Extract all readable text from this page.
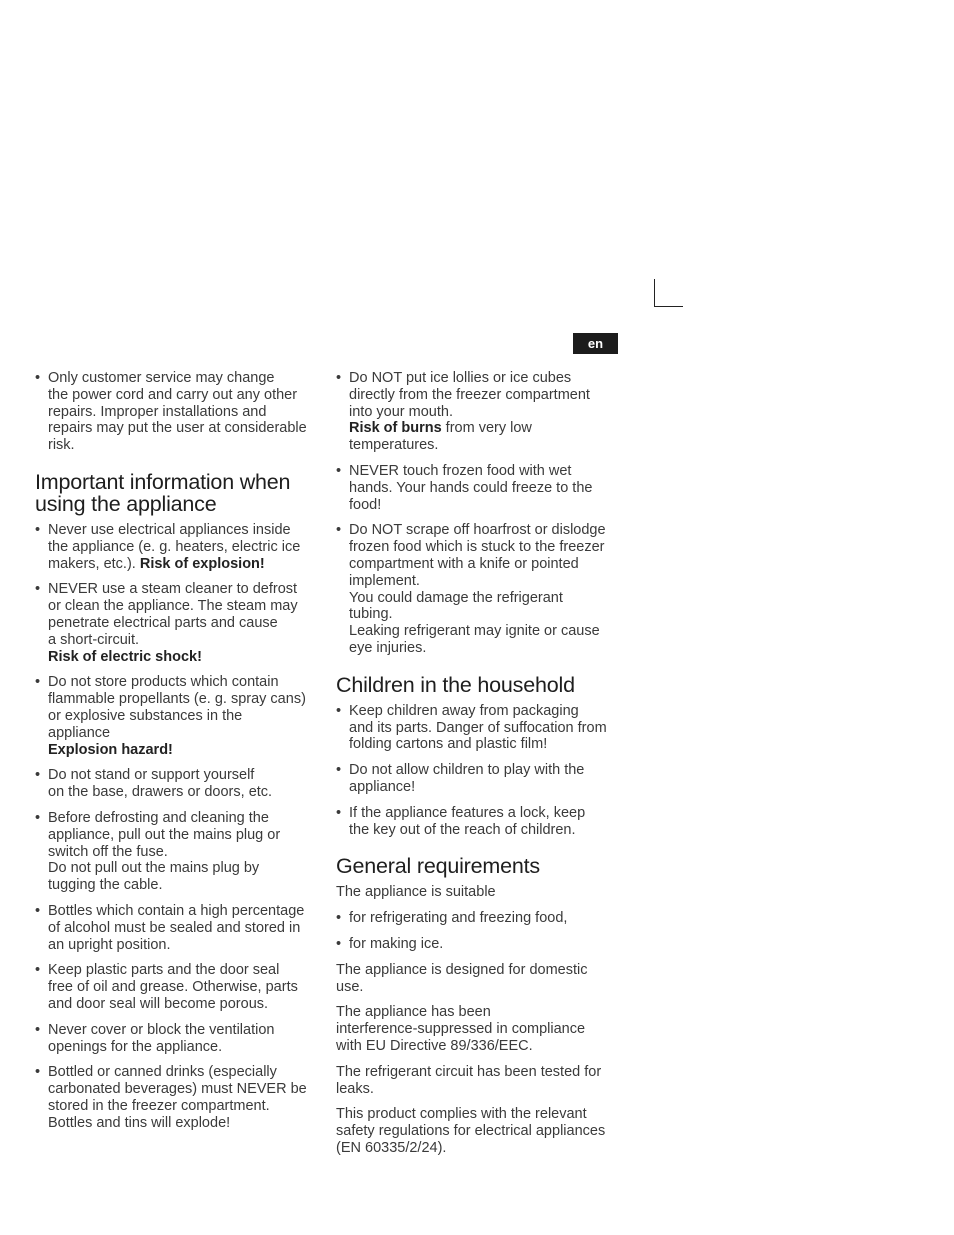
en
• Only customer service may change
the power cord and carry out any other
repairs. Improper installations and
repairs may put the user at considerable
risk.
Important information when
using the appliance
• Never use electrical appliances inside
the appliance (e. g. heaters, electric ice
makers, etc.). Risk of explosion!
• NEVER use a steam cleaner to defrost
or clean the appliance. The steam may
penetrate electrical parts and cause
a short-circuit.
Risk of electric shock!
• Do not store products which contain
flammable propellants (e. g. spray cans)
or explosive substances in the
appliance
Explosion hazard!
• Do not stand or support yourself
on the base, drawers or doors, etc.
• Before defrosting and cleaning the
appliance, pull out the mains plug or
switch off the fuse.
Do not pull out the mains plug by
tugging the cable.
• Bottles which contain a high percentage
of alcohol must be sealed and stored in
an upright position.
• Keep plastic parts and the door seal
free of oil and grease. Otherwise, parts
and door seal will become porous.
• Never cover or block the ventilation
openings for the appliance.
• Bottled or canned drinks (especially
carbonated beverages) must NEVER be
stored in the freezer compartment.
Bottles and tins will explode!
• Do NOT put ice lollies or ice cubes
directly from the freezer compartment
into your mouth.
Risk of burns from very low
temperatures.
• NEVER touch frozen food with wet
hands. Your hands could freeze to the
food!
• Do NOT scrape off hoarfrost or dislodge
frozen food which is stuck to the freezer
compartment with a knife or pointed
implement.
You could damage the refrigerant
tubing.
Leaking refrigerant may ignite or cause
eye injuries.
Children in the household
• Keep children away from packaging
and its parts. Danger of suffocation from
folding cartons and plastic film!
• Do not allow children to play with the
appliance!
• If the appliance features a lock, keep
the key out of the reach of children.
General requirements

The appliance is suitable

• for refrigerating and freezing food,
• for making ice.

The appliance is designed for domestic
use.

The appliance has been
interference-suppressed in compliance
with EU Directive 89/336/EEC.

The refrigerant circuit has been tested for
leaks.

This product complies with the relevant
safety regulations for electrical appliances
(EN 60335/2/24).
